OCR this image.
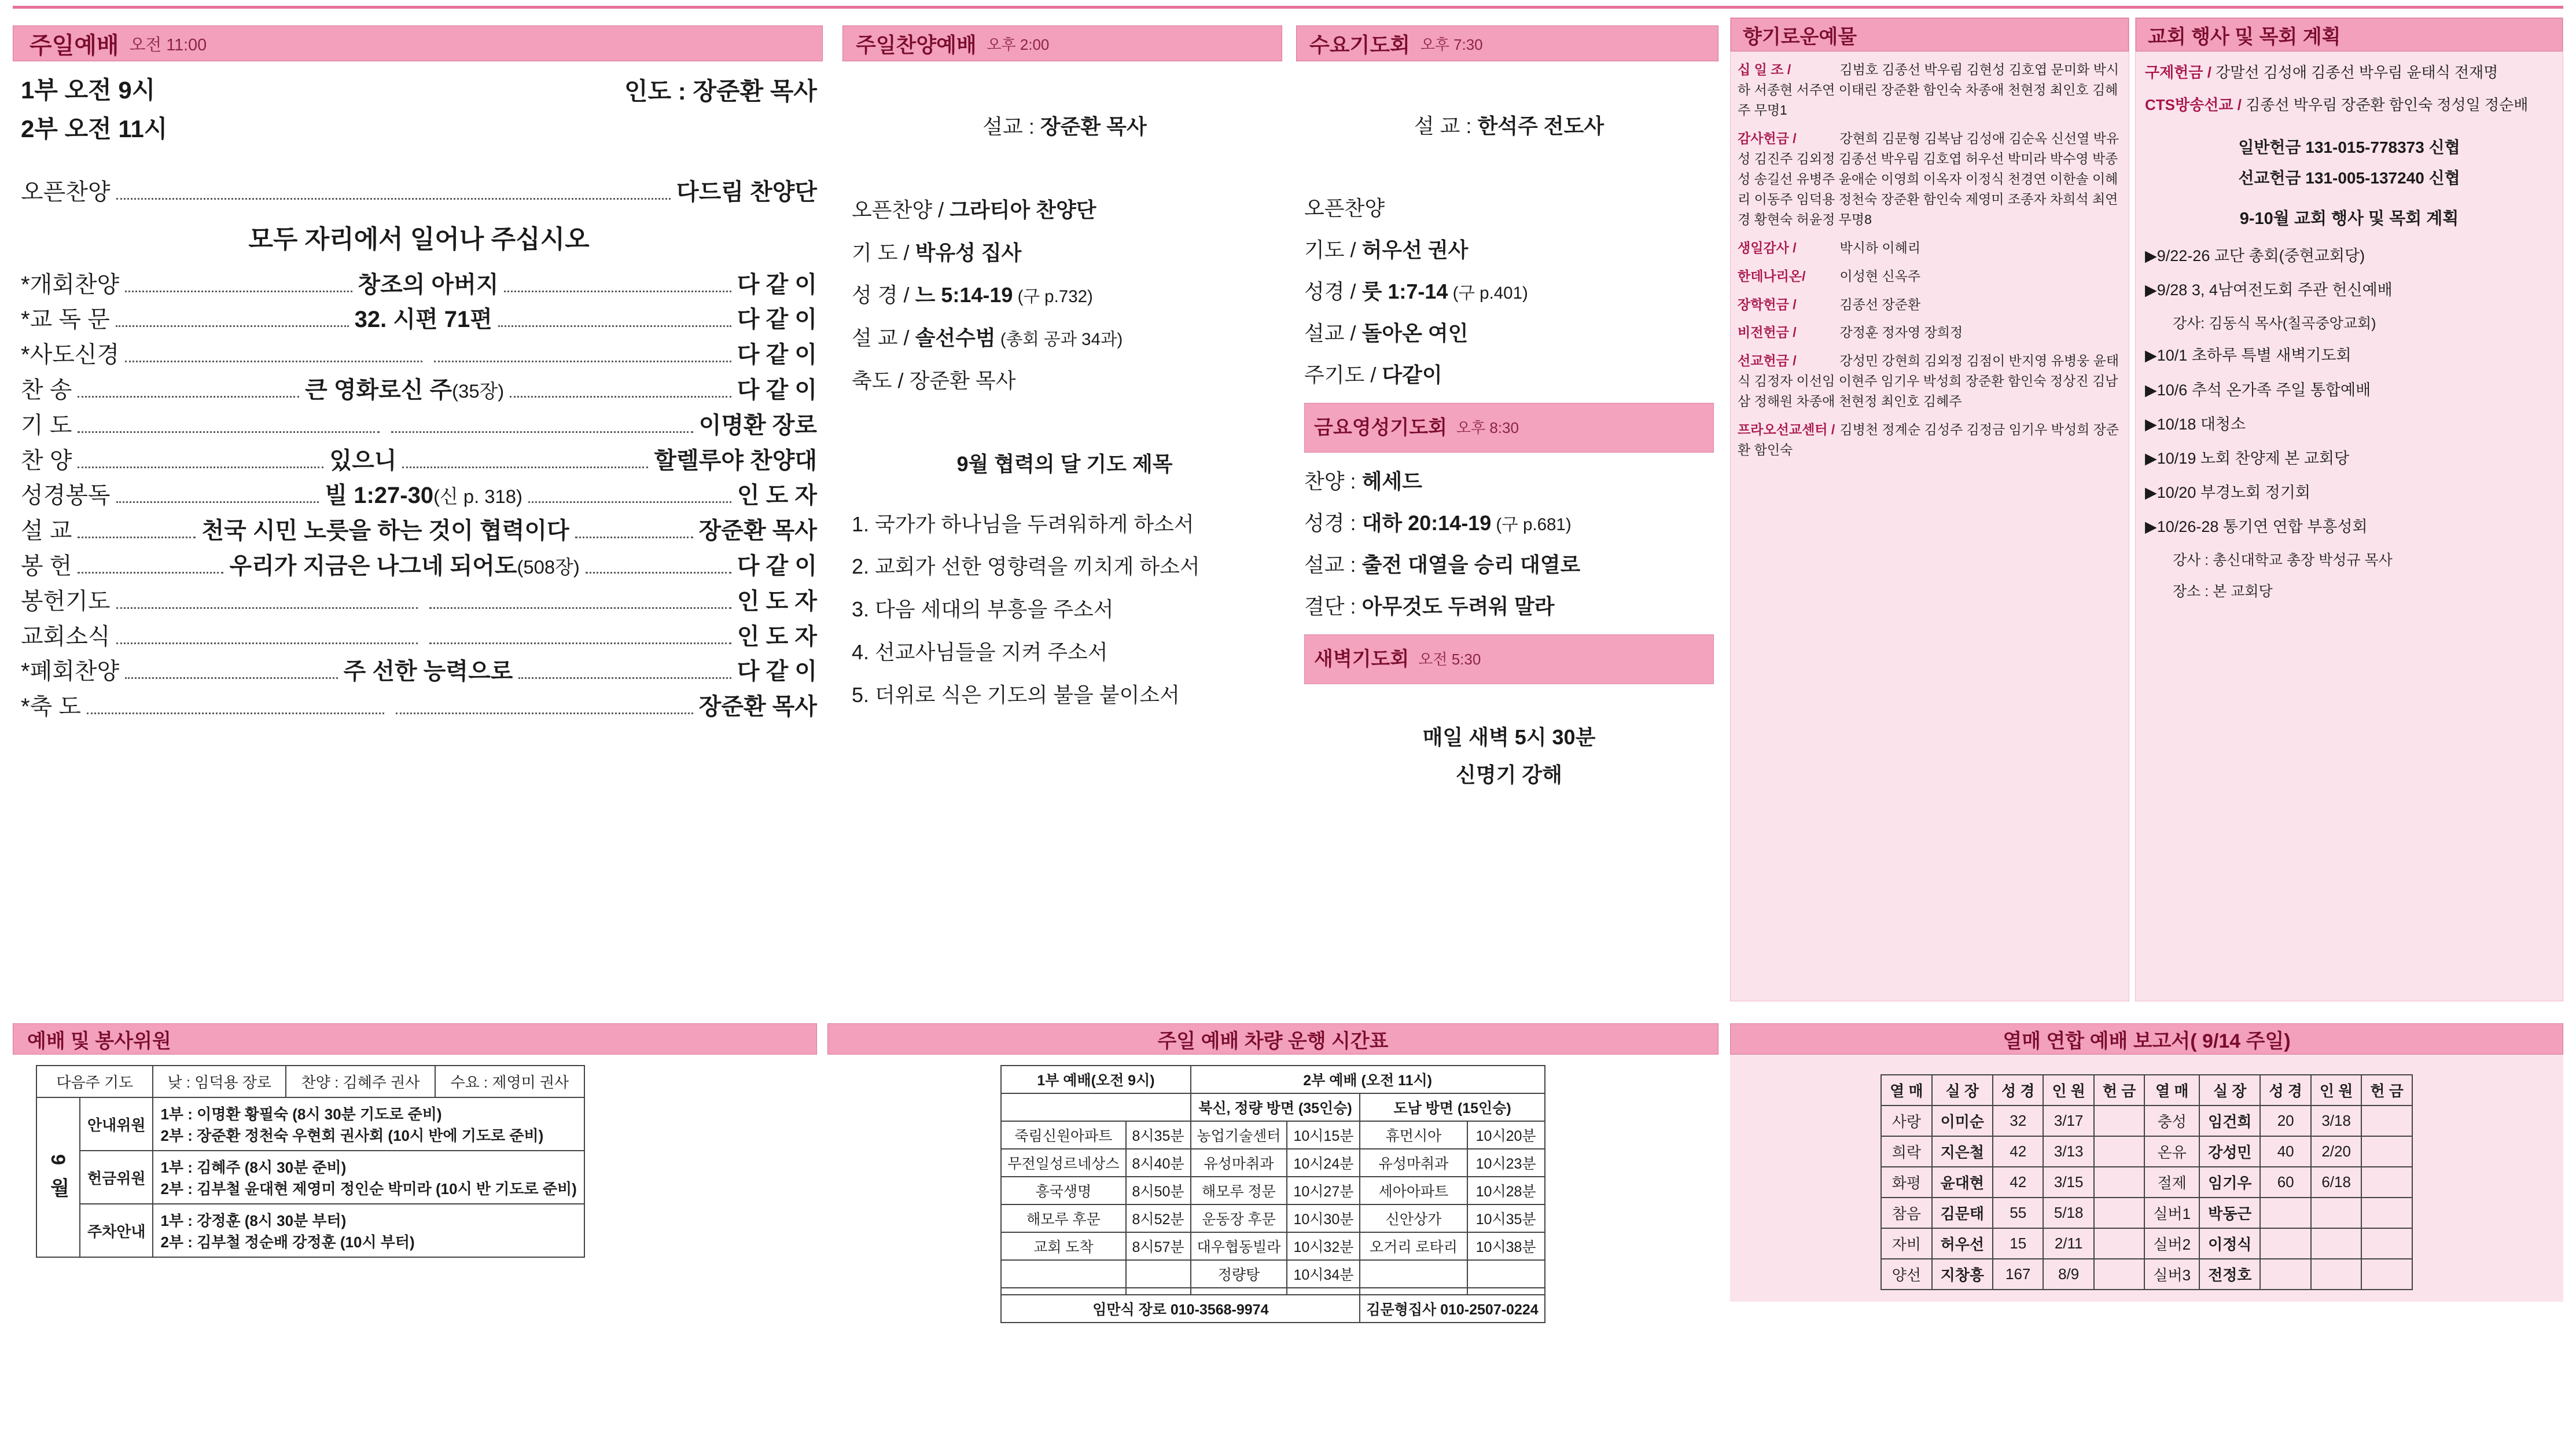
주일예배 오전 11:00
1부 오전 9시
2부 오전 11시
인도 : 장준환 목사
오픈찬양	다드림 찬양단
모두 자리에서 일어나 주십시오
*개회찬양	창조의 아버지	다 같 이
*교 독 문	32. 시편 71편	다 같 이
*사도신경	다 같 이
찬 송	큰 영화로신 주 (35장)	다 같 이
기 도	이명환 장로
찬 양	있으니	할렐루야 찬양대
성경봉독	빌 1:27-30 (신 p. 318)	인 도 자
설 교	천국 시민 노릇을 하는 것이 협력이다	장준환 목사
봉 헌	우리가 지금은 나그네 되어도 (508장)	다 같 이
봉헌기도	인 도 자
교회소식	인 도 자
*폐회찬양	주 선한 능력으로	다 같 이
*축 도	장준환 목사
주일찬양예배 오후 2:00
설교 : 장준환 목사
오픈찬양 / 그라티아 찬양단
기 도 / 박유성 집사
성 경 / 느 5:14-19 (구 p.732)
설 교 / 솔선수범 (총회 공과 34과)
축도 / 장준환 목사
9월 협력의 달 기도 제목
1. 국가가 하나님을 두려워하게 하소서
2. 교회가 선한 영향력을 끼치게 하소서
3. 다음 세대의 부흥을 주소서
4. 선교사님들을 지켜 주소서
5. 더위로 식은 기도의 불을 붙이소서
수요기도회 오후 7:30
설 교 : 한석주 전도사
오픈찬양
기도 / 허우선 권사
성경 / 룻 1:7-14 (구 p.401)
설교 / 돌아온 여인
주기도 / 다같이
금요영성기도회 오후 8:30
찬양 : 헤세드
성경 : 대하 20:14-19 (구 p.681)
설교 : 출전 대열을 승리 대열로
결단 : 아무것도 두려워 말라
새벽기도회 오전 5:30
매일 새벽 5시 30분
신명기 강해
향기로운예물
십 일 조 /	김범호 김종선 박우림 김현성 김호엽 문미화 박시하 서종현 서주연 이태린 장준환 함인숙 차종애 천현정 최인호 김혜주 무명1
감사헌금 /	강현희 김문형 김복남 김성애 김순옥 신선열 박유성 김진주 김외정 김종선 박우림 김호엽 허우선 박미라 박수영 박종성 송길선 유병주 윤애순 이영희 이옥자 이정식 천경연 이한솔 이혜리 이동주 임덕용 정천숙 장준환 함인숙 제영미 조종자 차희석 최연경 황현숙 허윤정 무명8
생일감사 /	박시하 이혜리
한데나리온/ 이성현 신옥주
장학헌금 /	김종선 장준환
비전헌금 /	강정훈 정자영 장희정
선교헌금 /	강성민 강현희 김외정 김점이 반지영 유병웅 윤태식 김정자 이선임 이현주 임기우 박성희 장준환 함인숙 정상진 김남삼 정해원 차종애 천현정 최인호 김혜주
프라오선교센터 / 김병천 정계순 김성주 김정금 임기우 박성희 장준환 함인숙
교회 행사 및 목회 계획
구제헌금 / 강말선 김성애 김종선 박우림 윤태식 전재명
CTS방송선교 / 김종선 박우림 장준환 함인숙 정성일 정순배
일반헌금 131-015-778373 신협
선교헌금 131-005-137240 신협
9-10월 교회 행사 및 목회 계획
▶9/22-26 교단 총회(중현교회당)
▶9/28 3, 4남여전도회 주관 헌신예배
강사: 김동식 목사(칠곡중앙교회)
▶10/1 초하루 특별 새벽기도회
▶10/6 추석 온가족 주일 통합예배
▶10/18 대청소
▶10/19 노회 찬양제 본 교회당
▶10/20 부경노회 정기회
▶10/26-28 통기연 연합 부흥성회
강사 : 총신대학교 총장 박성규 목사
장소 : 본 교회당
예배 및 봉사위원
다음주 기도		낮 : 임덕용 장로	찬양 : 김혜주 권사	수요 : 제영미 권사
9 월	안내위원	1부 : 이명환 황필숙 (8시 30분 기도로 준비)
2부 : 장준환 정천숙 우현회 권사회 (10시 반에 기도로 준비)		

	헌금위원	1부 : 김혜주 (8시 30분 준비)
2부 : 김부철 윤대현 제영미 정인순 박미라 (10시 반 기도로 준비)		

	주차안내	1부 : 강정훈 (8시 30분 부터)
2부 : 김부철 정순배 강정훈 (10시 부터)		
주일 예배 차량 운행 시간표
1부 예배(오전 9시)		2부 예배 (오전 11시)			
		북신, 정량 방면 (35인승)		도남 방면 (15인승)	
죽림신원아파트	8시35분	농업기술센터	10시15분	휴먼시아	10시20분
무전일성르네상스	8시40분	유성마취과	10시24분	유성마취과	10시23분
흥국생명	8시50분	해모루 정문	10시27분	세아아파트	10시28분
해모루 후문	8시52분	운동장 후문	10시30분	신안상가	10시35분
교회 도착	8시57분	대우협동빌라	10시32분	오거리 로타리	10시38분
		정량탕	10시34분		

임만식 장로 010-3568-9974				김문형집사 010-2507-0224	
열매 연합 예배 보고서( 9/14 주일)
열 매	실 장	성 경	인 원	헌 금	열 매	실 장	성 경	인 원	헌 금
사랑	이미순	32	3/17		충성	임건희	20	3/18	
희락	지은철	42	3/13		온유	강성민	40	2/20	
화평	윤대현	42	3/15		절제	임기우	60	6/18	
참음	김문태	55	5/18		실버1	박동근			
자비	허우선	15	2/11		실버2	이정식			
양선	지창흥	167	8/9		실버3	전정호			
